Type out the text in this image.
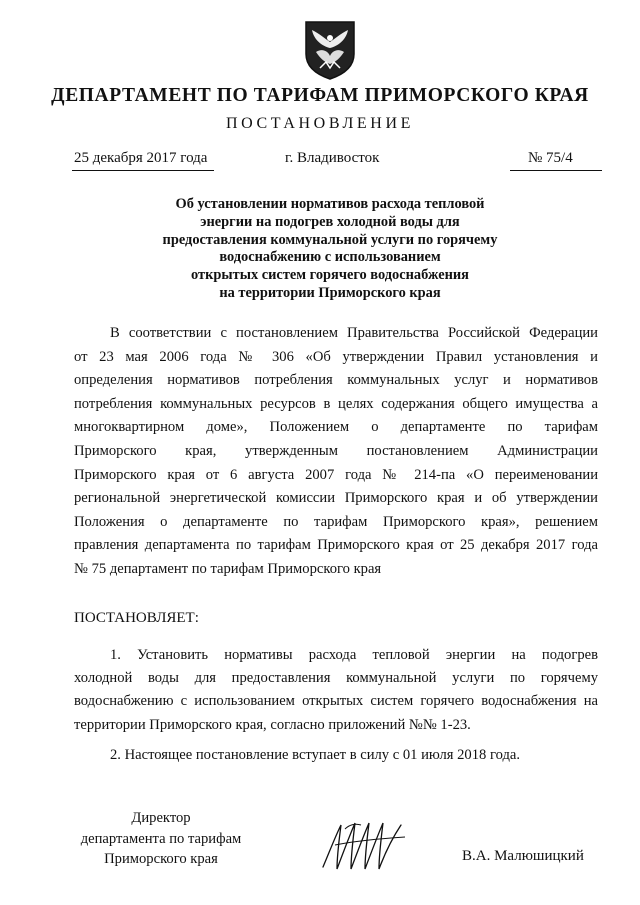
ДЕПАРТАМЕНТ ПО ТАРИФАМ ПРИМОРСКОГО КРАЯ
ПОСТАНОВЛЕНИЕ
25 декабря 2017 года	г. Владивосток	№ 75/4
Об установлении нормативов расхода тепловой
энергии на подогрев холодной воды для
предоставления коммунальной услуги по горячему
водоснабжению с использованием
открытых систем горячего водоснабжения
на территории Приморского края
В соответствии с постановлением Правительства Российской Федерации
от 23 мая 2006 года № 306 «Об утверждении Правил установления и
определения нормативов потребления коммунальных услуг и нормативов
потребления коммунальных ресурсов в целях содержания общего имущества а
многоквартирном доме», Положением о департаменте по тарифам
Приморского края, утвержденным постановлением Администрации
Приморского края от 6 августа 2007 года № 214-па «О переименовании
региональной энергетической комиссии Приморского края и об утверждении
Положения о департаменте по тарифам Приморского края», решением
правления департамента по тарифам Приморского края от 25 декабря 2017 года
№ 75 департамент по тарифам Приморского края
ПОСТАНОВЛЯЕТ:
1. Установить нормативы расхода тепловой энергии на подогрев
холодной воды для предоставления коммунальной услуги по горячему
водоснабжению с использованием открытых систем горячего водоснабжения на
территории Приморского края, согласно приложений №№ 1-23.
2. Настоящее постановление вступает в силу с 01 июля 2018 года.
Директор
департамента по тарифам
Приморского края	В.А. Малюшицкий
